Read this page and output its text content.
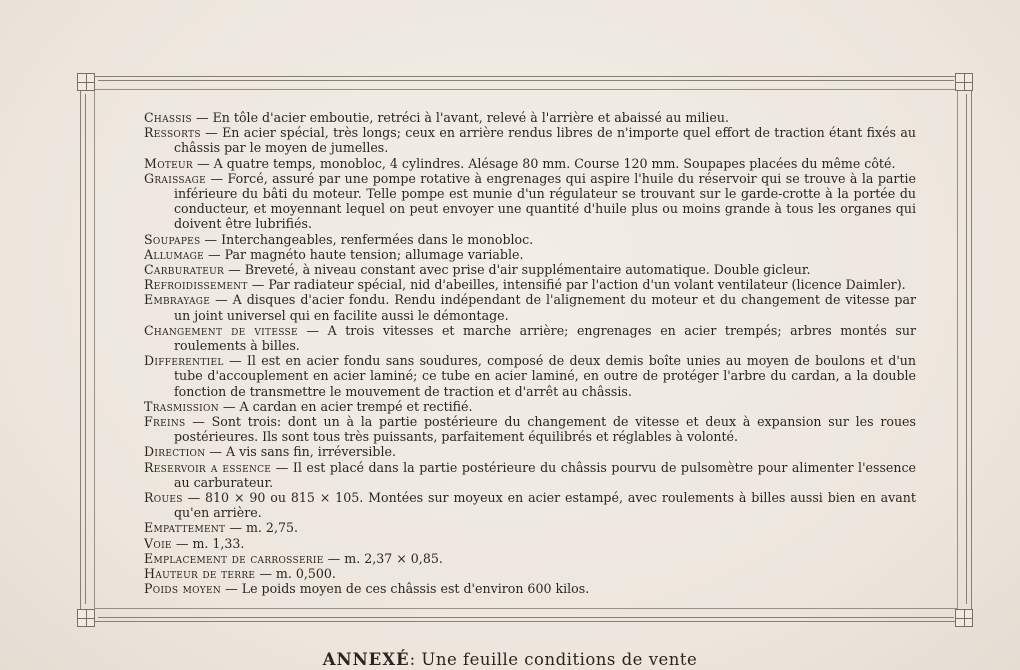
Chassis — En tôle d'acier emboutie, retréci à l'avant, relevé à l'arrière et abaissé au milieu.

Ressorts — En acier spécial, très longs; ceux en arrière rendus libres de n'importe quel effort de traction étant fixés au châssis par le moyen de jumelles.

Moteur — A quatre temps, monobloc, 4 cylindres. Alésage 80 mm. Course 120 mm. Soupapes placées du même côté.

Graissage — Forcé, assuré par une pompe rotative à engrenages qui aspire l'huile du réservoir qui se trouve à la partie inférieure du bâti du moteur. Telle pompe est munie d'un régulateur se trouvant sur le garde-crotte à la portée du conducteur, et moyennant lequel on peut envoyer une quantité d'huile plus ou moins grande à tous les organes qui doivent être lubrifiés.

Soupapes — Interchangeables, renfermées dans le monobloc.

Allumage — Par magnéto haute tension; allumage variable.

Carburateur — Breveté, à niveau constant avec prise d'air supplémentaire automatique. Double gicleur.

Refroidissement — Par radiateur spécial, nid d'abeilles, intensifié par l'action d'un volant ventilateur (licence Daimler).

Embrayage — A disques d'acier fondu. Rendu indépendant de l'alignement du moteur et du changement de vitesse par un joint universel qui en facilite aussi le démontage.

Changement de vitesse — A trois vitesses et marche arrière; engrenages en acier trempés; arbres montés sur roulements à billes.

Differentiel — Il est en acier fondu sans soudures, composé de deux demis boîte unies au moyen de boulons et d'un tube d'accouplement en acier laminé; ce tube en acier laminé, en outre de protéger l'arbre du cardan, a la double fonction de transmettre le mouvement de traction et d'arrêt au châssis.

Trasmission — A cardan en acier trempé et rectifié.

Freins — Sont trois: dont un à la partie postérieure du changement de vitesse et deux à expansion sur les roues postérieures. Ils sont tous très puissants, parfaitement équilibrés et réglables à volonté.

Direction — A vis sans fin, irréversible.

Reservoir a essence — Il est placé dans la partie postérieure du châssis pourvu de pulsomètre pour alimenter l'essence au carburateur.

Roues — 810 × 90 ou 815 × 105. Montées sur moyeux en acier estampé, avec roulements à billes aussi bien en avant qu'en arrière.

Empattement — m. 2,75.

Voie — m. 1,33.

Emplacement de carrosserie — m. 2,37 × 0,85.

Hauteur de terre — m. 0,500.

Poids moyen — Le poids moyen de ces châssis est d'environ 600 kilos.

ANNEXÉ: Une feuille conditions de vente
